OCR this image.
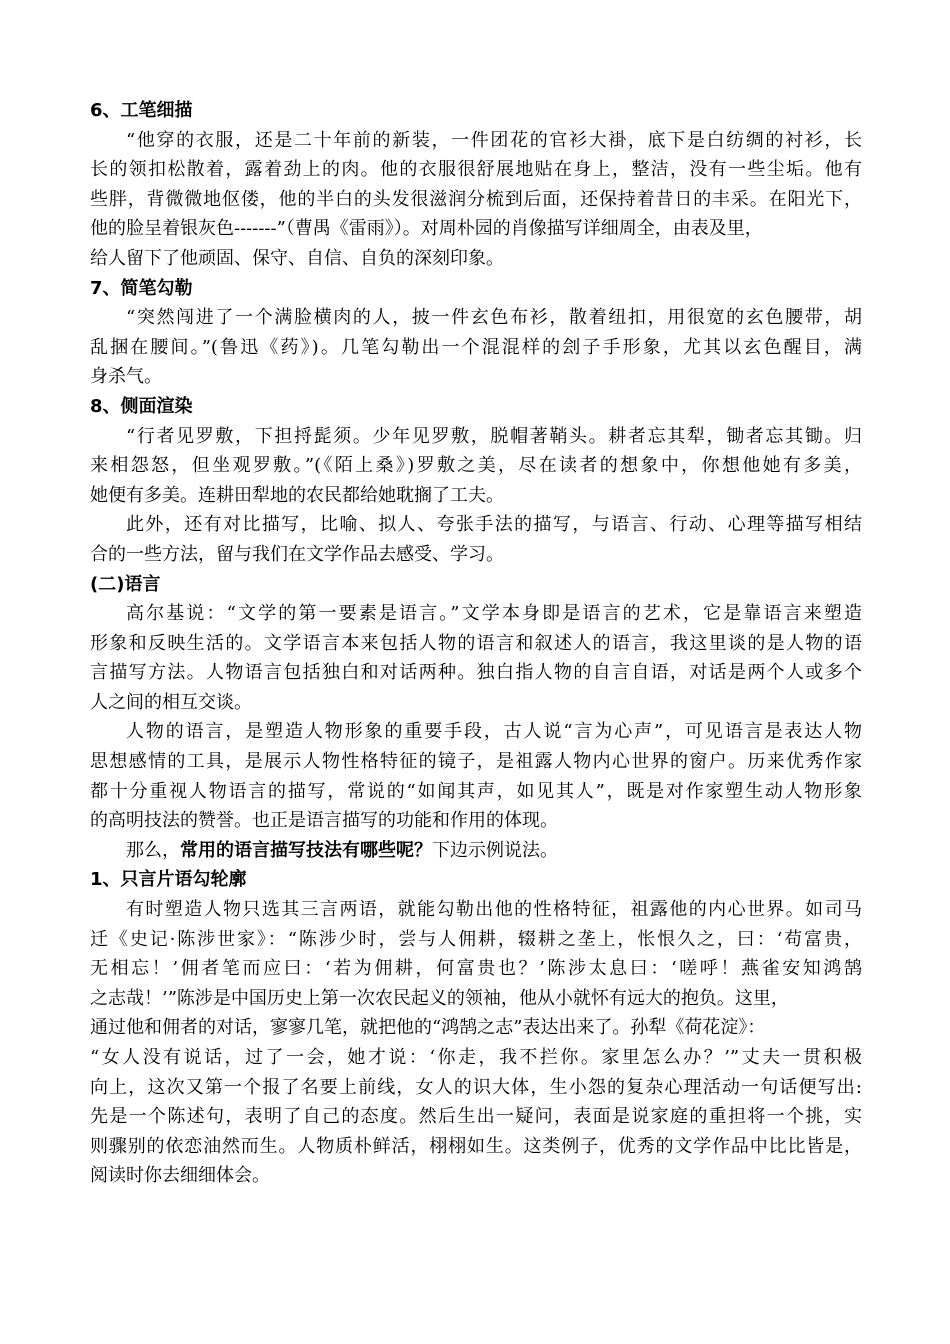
6、工笔细描
“他穿的衣服，还是二十年前的新装，一件团花的官衫大褂，底下是白纺绸的衬衫，长
长的领扣松散着，露着劲上的肉。他的衣服很舒展地贴在身上，整洁，没有一些尘垢。他有
些胖，背微微地伛偻，他的半白的头发很滋润分梳到后面，还保持着昔日的丰采。在阳光下，
他的脸呈着银灰色-------”（曹禺《雷雨》）。对周朴园的肖像描写详细周全，由表及里，
给人留下了他顽固、保守、自信、自负的深刻印象。
7、简笔勾勒
“突然闯进了一个满脸横肉的人，披一件玄色布衫，散着纽扣，用很宽的玄色腰带，胡
乱捆在腰间。”(鲁迅《药》)。几笔勾勒出一个混混样的刽子手形象，尤其以玄色醒目，满
身杀气。
8、侧面渲染
“行者见罗敷，下担捋髭须。少年见罗敷，脱帽著鞘头。耕者忘其犁，锄者忘其锄。归
来相怨怒，但坐观罗敷。”(《陌上桑》)罗敷之美，尽在读者的想象中，你想他她有多美，
她便有多美。连耕田犁地的农民都给她耽搁了工夫。
此外，还有对比描写，比喻、拟人、夸张手法的描写，与语言、行动、心理等描写相结
合的一些方法，留与我们在文学作品去感受、学习。
(二)语言
高尔基说：“文学的第一要素是语言。”文学本身即是语言的艺术，它是靠语言来塑造
形象和反映生活的。文学语言本来包括人物的语言和叙述人的语言，我这里谈的是人物的语
言描写方法。人物语言包括独白和对话两种。独白指人物的自言自语，对话是两个人或多个
人之间的相互交谈。
人物的语言，是塑造人物形象的重要手段，古人说“言为心声”，可见语言是表达人物
思想感情的工具，是展示人物性格特征的镜子，是祖露人物内心世界的窗户。历来优秀作家
都十分重视人物语言的描写，常说的“如闻其声，如见其人”，既是对作家塑生动人物形象
的高明技法的赞誉。也正是语言描写的功能和作用的体现。
那么，常用的语言描写技法有哪些呢？下边示例说法。
1、只言片语勾轮廓
有时塑造人物只选其三言两语，就能勾勒出他的性格特征，祖露他的内心世界。如司马
迁《史记·陈涉世家》：“陈涉少时，尝与人佣耕，辍耕之垄上，怅恨久之，曰：‘苟富贵，
无相忘！’佣者笔而应曰：‘若为佣耕，何富贵也？’陈涉太息曰：‘嗟呼！燕雀安知鸿鹄
之志哉！’”陈涉是中国历史上第一次农民起义的领袖，他从小就怀有远大的抱负。这里，
通过他和佣者的对话，寥寥几笔，就把他的“鸿鹄之志”表达出来了。孙犁《荷花淀》：
“女人没有说话，过了一会，她才说：‘你走，我不拦你。家里怎么办？’”丈夫一贯积极
向上，这次又第一个报了名要上前线，女人的识大体，生小怨的复杂心理活动一句话便写出:
先是一个陈述句，表明了自己的态度。然后生出一疑问，表面是说家庭的重担将一个挑，实
则骤别的依恋油然而生。人物质朴鲜活，栩栩如生。这类例子，优秀的文学作品中比比皆是，
阅读时你去细细体会。
